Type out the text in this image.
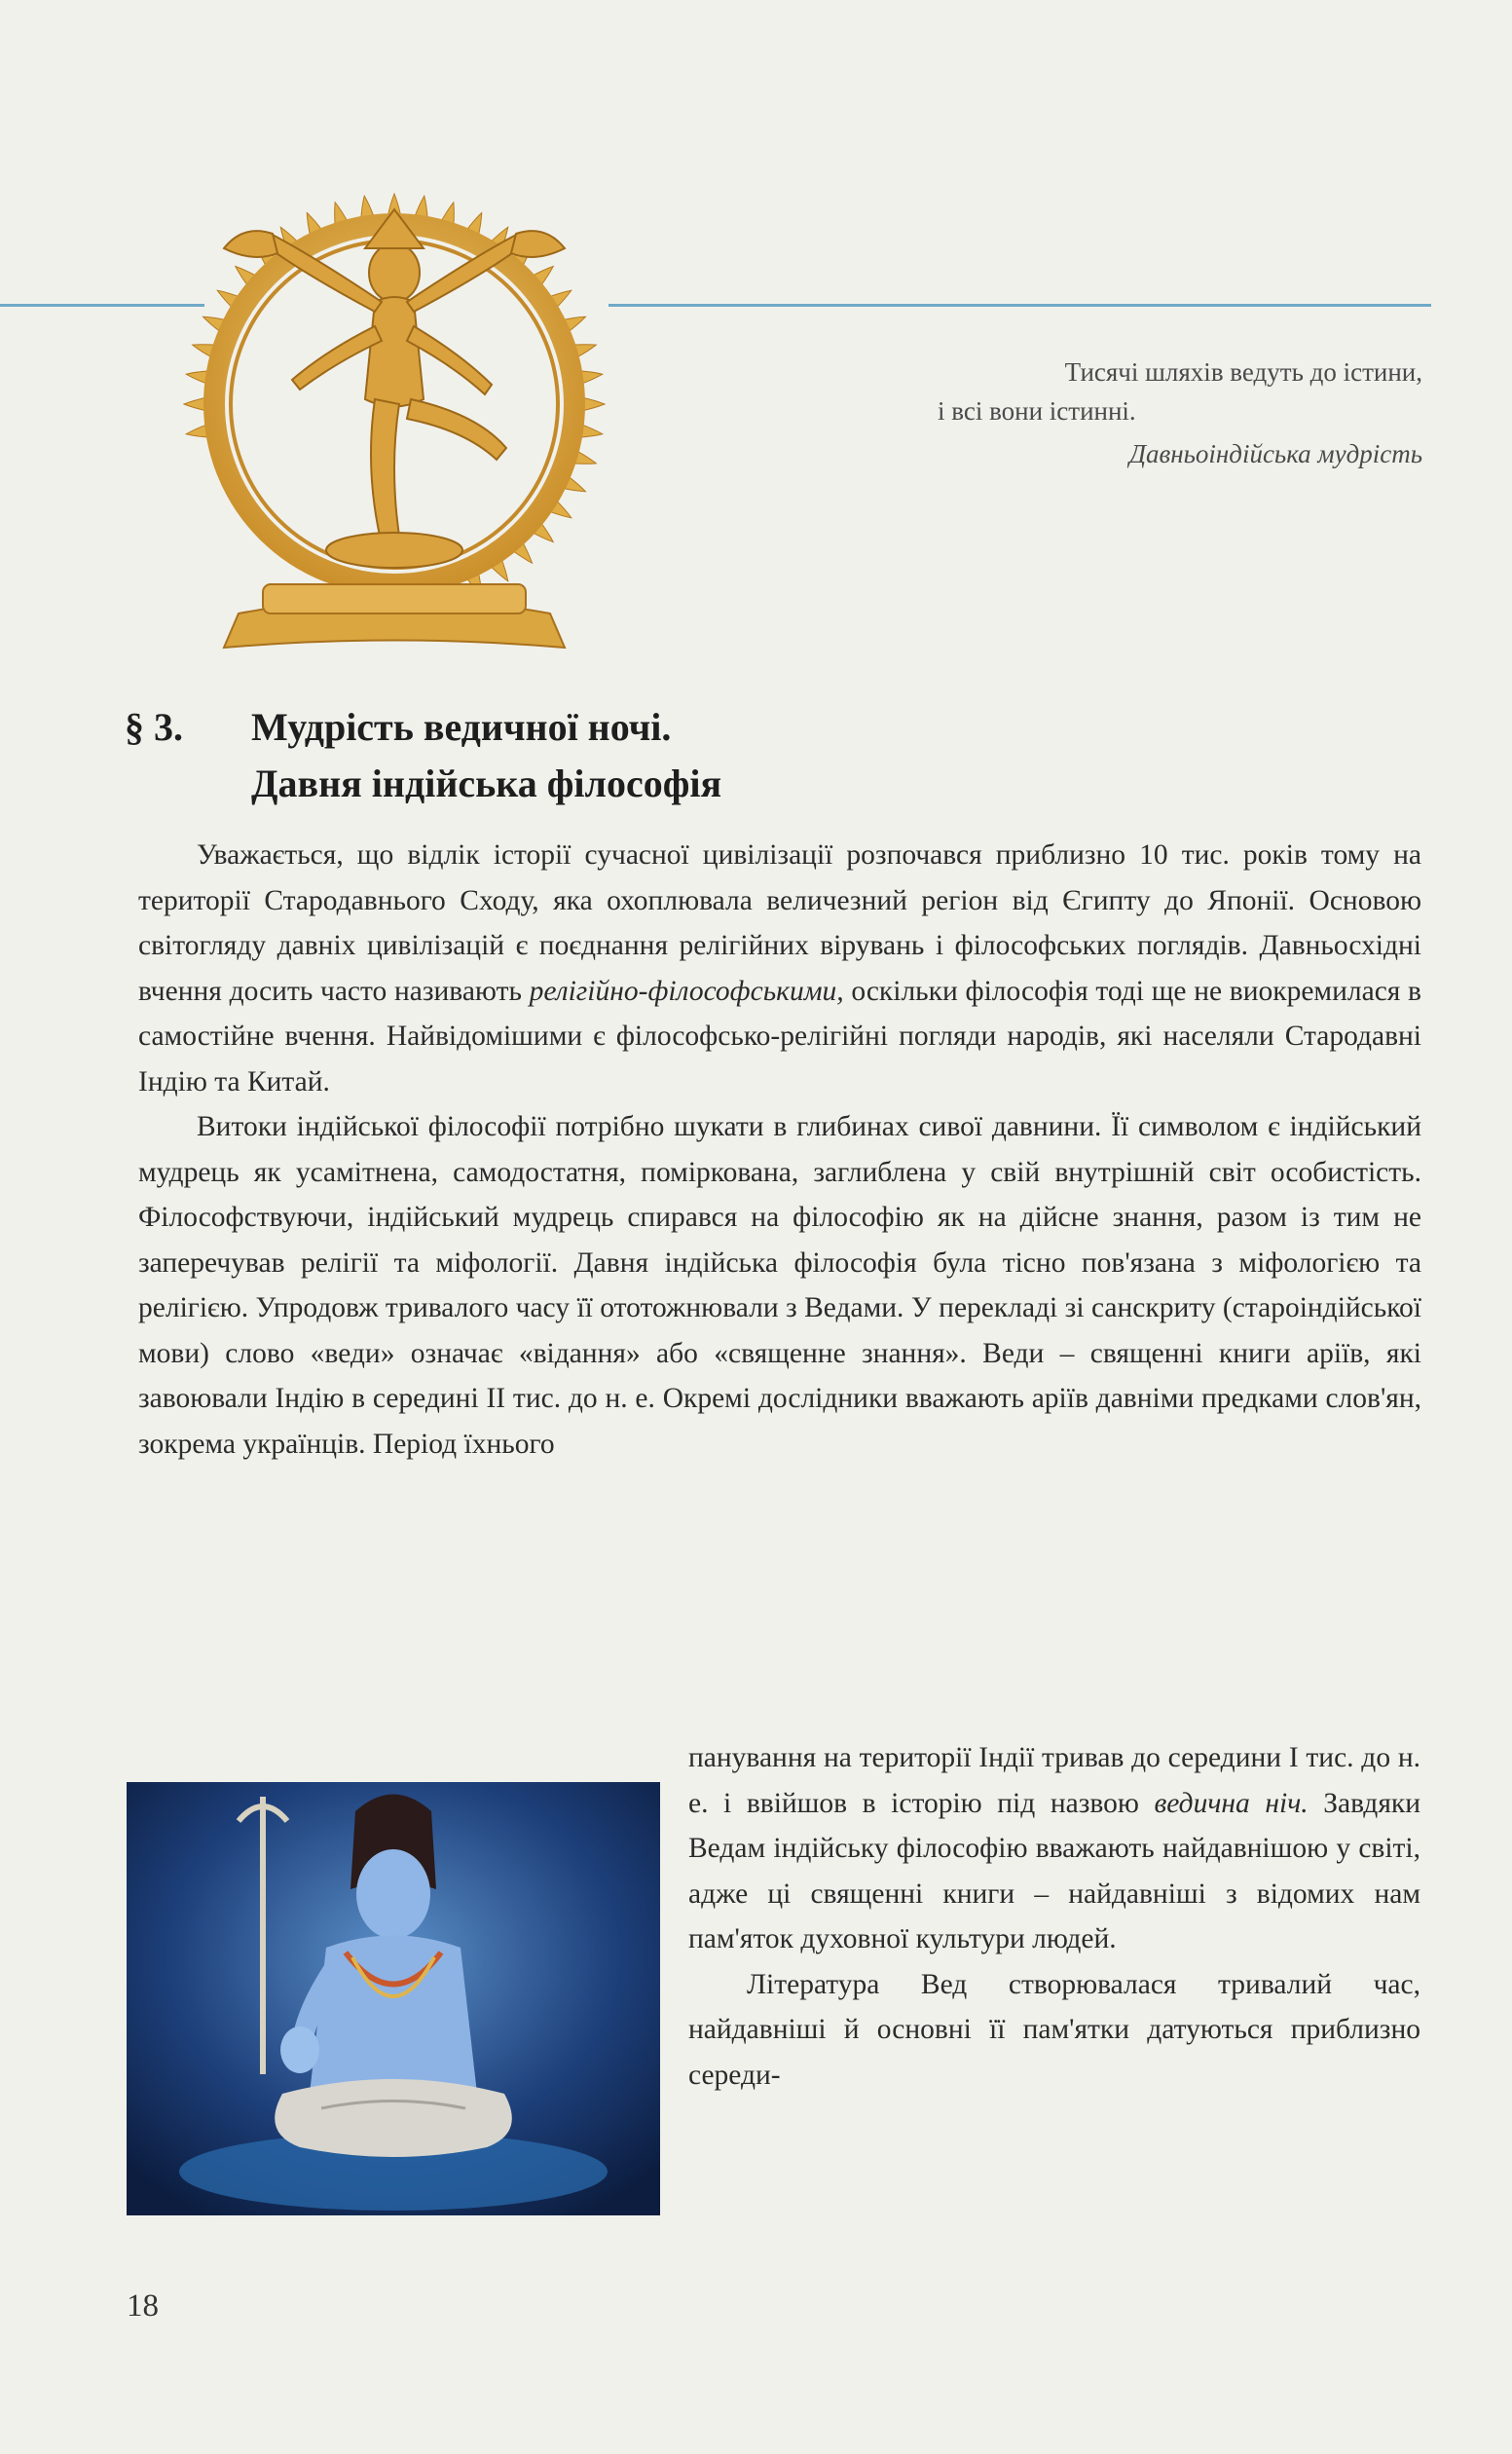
Тисячі шляхів ведуть до істини,
і всі вони істинні.
Давньоіндійська мудрість
§ 3. Мудрість ведичної ночі.
Давня індійська філософія

Уважається, що відлік історії сучасної цивілізації розпочався приблизно 10 тис. років тому на території Стародавнього Сходу, яка охоплювала величезний регіон від Єгипту до Японії. Основою світогляду давніх цивілізацій є поєднання релігійних вірувань і філософських поглядів. Давньосхідні вчення досить часто називають релігійно-філософськими, оскільки філософія тоді ще не виокремилася в самостійне вчення. Найвідомішими є філософсько-релігійні погляди народів, які населяли Стародавні Індію та Китай.

Витоки індійської філософії потрібно шукати в глибинах сивої давнини. Її символом є індійський мудрець як усамітнена, самодостатня, поміркована, заглиблена у свій внутрішній світ особистість. Філософствуючи, індійський мудрець спирався на філософію як на дійсне знання, разом із тим не заперечував релігії та міфології. Давня індійська філософія була тісно пов'язана з міфологією та релігією. Упродовж тривалого часу її ототожнювали з Ведами. У перекладі зі санскриту (староіндійської мови) слово «веди» означає «відання» або «священне знання». Веди – священні книги аріїв, які завоювали Індію в середині II тис. до н. е. Окремі дослідники вважають аріїв давніми предками слов'ян, зокрема українців. Період їхнього

панування на території Індії тривав до середини I тис. до н. е. і ввійшов в історію під назвою ведична ніч. Завдяки Ведам індійську філософію вважають найдавнішою у світі, адже ці священні книги – найдавніші з відомих нам пам'яток духовної культури людей.

Література Вед створювалася тривалий час, найдавніші й основні її пам'ятки датуються приблизно середи-

18
